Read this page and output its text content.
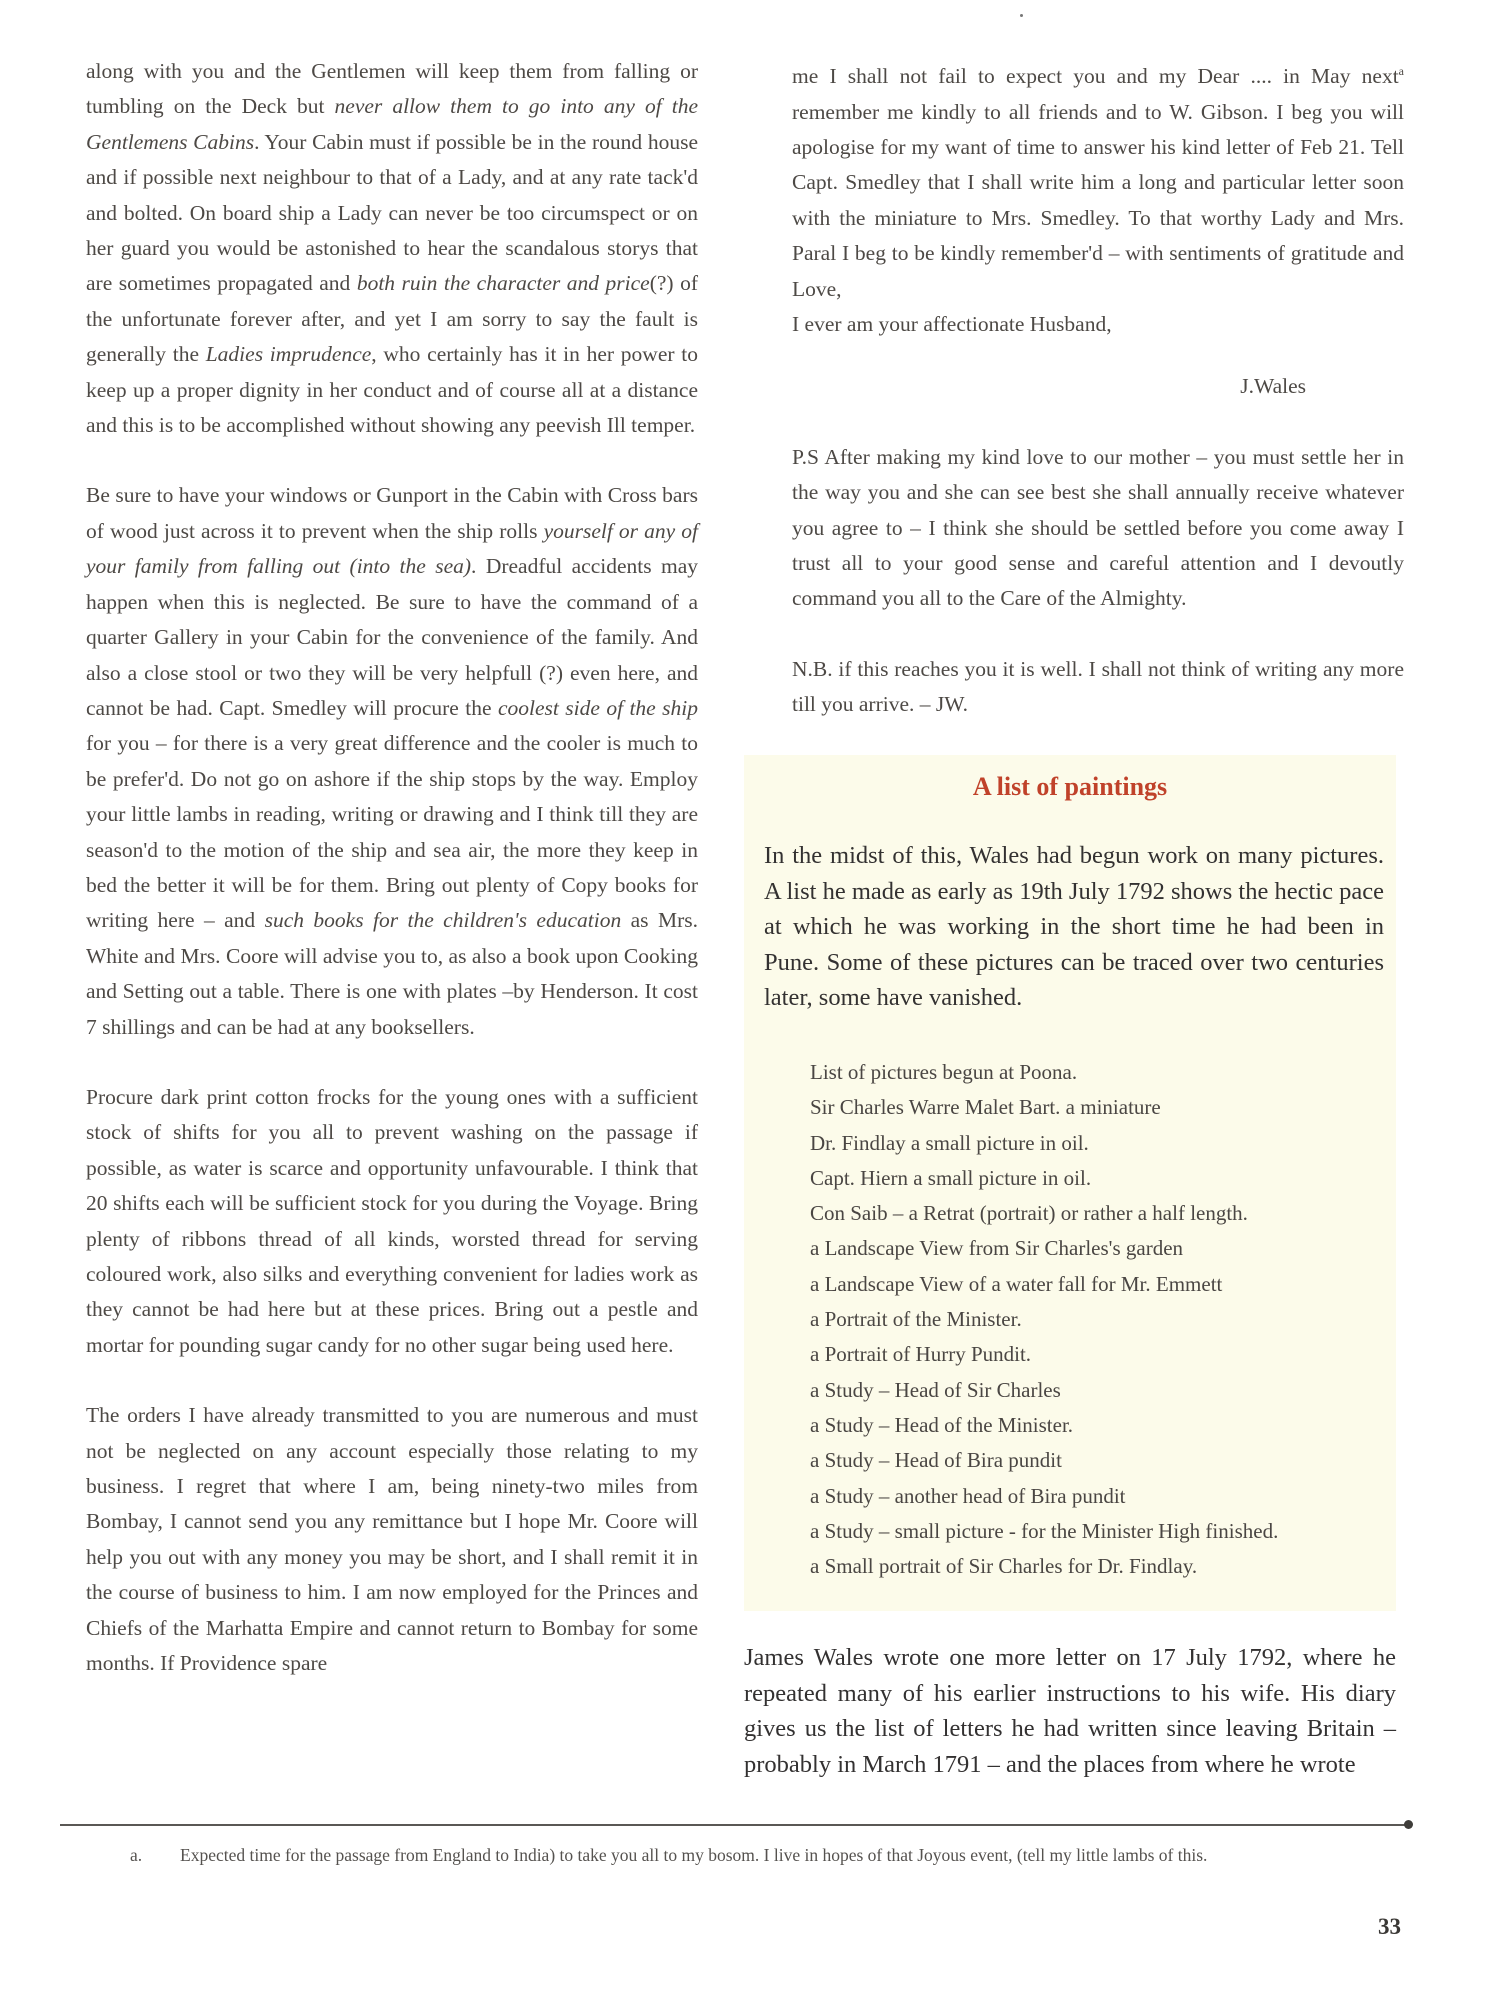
along with you and the Gentlemen will keep them from falling or tumbling on the Deck but never allow them to go into any of the Gentlemens Cabins. Your Cabin must if possible be in the round house and if possible next neighbour to that of a Lady, and at any rate tack'd and bolted. On board ship a Lady can never be too circumspect or on her guard you would be astonished to hear the scandalous storys that are sometimes propagated and both ruin the character and price(?) of the unfortunate forever after, and yet I am sorry to say the fault is generally the Ladies imprudence, who certainly has it in her power to keep up a proper dignity in her conduct and of course all at a distance and this is to be accomplished without showing any peevish Ill temper.

Be sure to have your windows or Gunport in the Cabin with Cross bars of wood just across it to prevent when the ship rolls yourself or any of your family from falling out (into the sea). Dreadful accidents may happen when this is neglected. Be sure to have the command of a quarter Gallery in your Cabin for the convenience of the family. And also a close stool or two they will be very helpfull (?) even here, and cannot be had. Capt. Smedley will procure the coolest side of the ship for you – for there is a very great difference and the cooler is much to be prefer'd. Do not go on ashore if the ship stops by the way. Employ your little lambs in reading, writing or drawing and I think till they are season'd to the motion of the ship and sea air, the more they keep in bed the better it will be for them. Bring out plenty of Copy books for writing here – and such books for the children's education as Mrs. White and Mrs. Coore will advise you to, as also a book upon Cooking and Setting out a table. There is one with plates –by Henderson. It cost 7 shillings and can be had at any booksellers.

Procure dark print cotton frocks for the young ones with a sufficient stock of shifts for you all to prevent washing on the passage if possible, as water is scarce and opportunity unfavourable. I think that 20 shifts each will be sufficient stock for you during the Voyage. Bring plenty of ribbons thread of all kinds, worsted thread for serving coloured work, also silks and everything convenient for ladies work as they cannot be had here but at these prices. Bring out a pestle and mortar for pounding sugar candy for no other sugar being used here.

The orders I have already transmitted to you are numerous and must not be neglected on any account especially those relating to my business. I regret that where I am, being ninety-two miles from Bombay, I cannot send you any remittance but I hope Mr. Coore will help you out with any money you may be short, and I shall remit it in the course of business to him. I am now employed for the Princes and Chiefs of the Marhatta Empire and cannot return to Bombay for some months. If Providence spare

me I shall not fail to expect you and my Dear .... in May next$^a$ remember me kindly to all friends and to W. Gibson. I beg you will apologise for my want of time to answer his kind letter of Feb 21. Tell Capt. Smedley that I shall write him a long and particular letter soon with the miniature to Mrs. Smedley. To that worthy Lady and Mrs. Paral I beg to be kindly remember'd – with sentiments of gratitude and Love,

I ever am your affectionate Husband,

J.Wales

P.S After making my kind love to our mother – you must settle her in the way you and she can see best she shall annually receive whatever you agree to – I think she should be settled before you come away I trust all to your good sense and careful attention and I devoutly command you all to the Care of the Almighty.

N.B. if this reaches you it is well. I shall not think of writing any more till you arrive. – JW.

A list of paintings
In the midst of this, Wales had begun work on many pictures. A list he made as early as 19th July 1792 shows the hectic pace at which he was working in the short time he had been in Pune. Some of these pictures can be traced over two centuries later, some have vanished.
List of pictures begun at Poona.
Sir Charles Warre Malet Bart. a miniature
Dr. Findlay a small picture in oil.
Capt. Hiern a small picture in oil.
Con Saib – a Retrat (portrait) or rather a half length.
a Landscape View from Sir Charles's garden
a Landscape View of a water fall for Mr. Emmett
a Portrait of the Minister.
a Portrait of Hurry Pundit.
a Study – Head of Sir Charles
a Study – Head of the Minister.
a Study – Head of Bira pundit
a Study – another head of Bira pundit
a Study – small picture - for the Minister High finished.
a Small portrait of Sir Charles for Dr. Findlay.
James Wales wrote one more letter on 17 July 1792, where he repeated many of his earlier instructions to his wife. His diary gives us the list of letters he had written since leaving Britain – probably in March 1791 – and the places from where he wrote
a. Expected time for the passage from England to India) to take you all to my bosom. I live in hopes of that Joyous event, (tell my little lambs of this.
33
